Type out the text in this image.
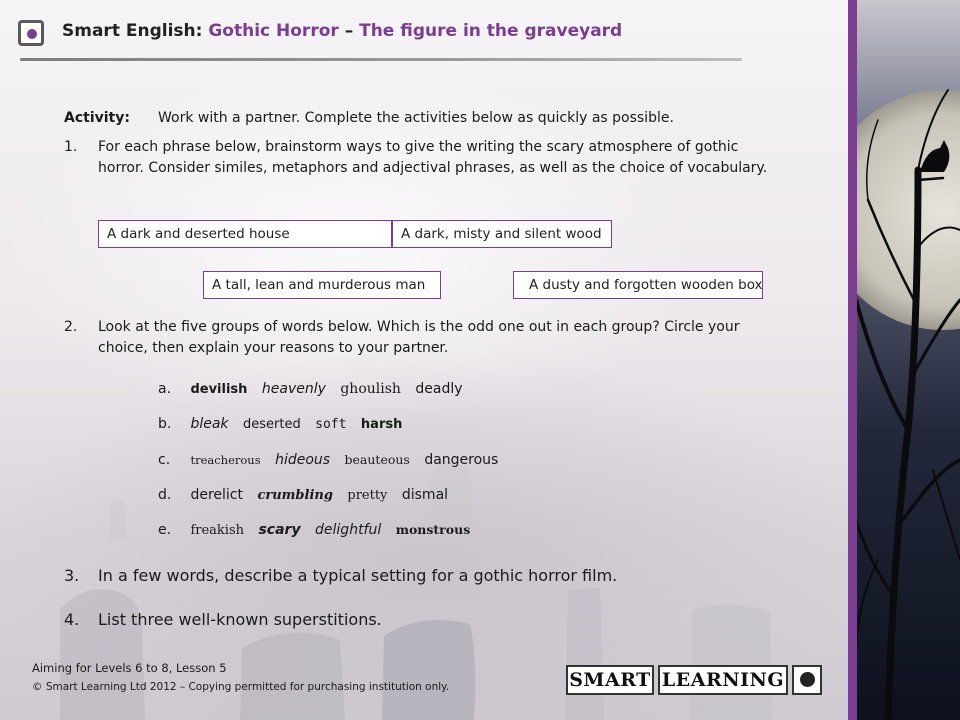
Smart English: Gothic Horror – The figure in the graveyard
Activity: Work with a partner. Complete the activities below as quickly as possible.
1. For each phrase below, brainstorm ways to give the writing the scary atmosphere of gothic horror. Consider similes, metaphors and adjectival phrases, as well as the choice of vocabulary.
A dark and deserted house	A dark, misty and silent wood
A tall, lean and murderous man	A dusty and forgotten wooden box
2. Look at the five groups of words below. Which is the odd one out in each group? Circle your choice, then explain your reasons to your partner.
a. devilish heavenly ghoulish deadly
b. bleak deserted soft harsh
c. treacherous hideous beauteous dangerous
d. derelict crumbling pretty dismal
e. freakish scary delightful monstrous
3. In a few words, describe a typical setting for a gothic horror film.
4. List three well-known superstitions.
Aiming for Levels 6 to 8, Lesson 5
© Smart Learning Ltd 2012 – Copying permitted for purchasing institution only.	SMART LEARNING
